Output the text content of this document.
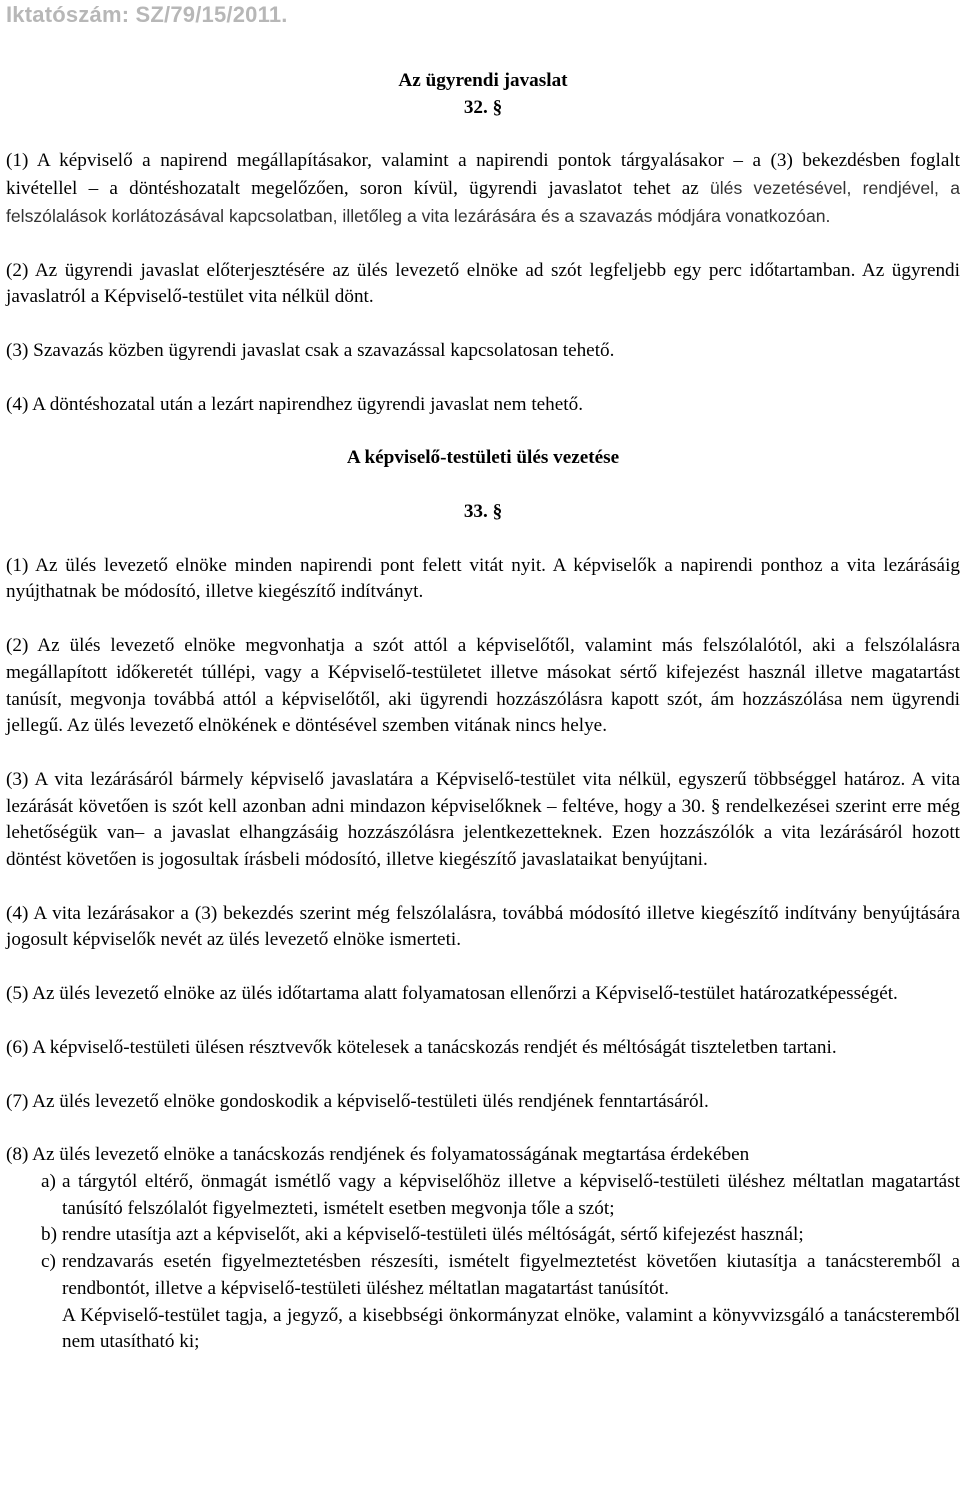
Iktatószám: SZ/79/15/2011.

Az ügyrendi javaslat

32. §

(1) A képviselő a napirend megállapításakor, valamint a napirendi pontok tárgyalásakor – a (3) bekezdésben foglalt kivétellel – a döntéshozatalt megelőzően, soron kívül, ügyrendi javaslatot tehet az ülés vezetésével, rendjével, a felszólalások korlátozásával kapcsolatban, illetőleg a vita lezárására és a szavazás módjára vonatkozóan.

(2) Az ügyrendi javaslat előterjesztésére az ülés levezető elnöke ad szót legfeljebb egy perc időtartamban. Az ügyrendi javaslatról a Képviselő-testület vita nélkül dönt.

(3) Szavazás közben ügyrendi javaslat csak a szavazással kapcsolatosan tehető.

(4) A döntéshozatal után a lezárt napirendhez ügyrendi javaslat nem tehető.

A képviselő-testületi ülés vezetése

33. §

(1) Az ülés levezető elnöke minden napirendi pont felett vitát nyit. A képviselők a napirendi ponthoz a vita lezárásáig nyújthatnak be módosító, illetve kiegészítő indítványt.

(2) Az ülés levezető elnöke megvonhatja a szót attól a képviselőtől, valamint más felszólalótól, aki a felszólalásra megállapított időkeretét túllépi, vagy a Képviselő-testületet illetve másokat sértő kifejezést használ illetve magatartást tanúsít, megvonja továbbá attól a képviselőtől, aki ügyrendi hozzászólásra kapott szót, ám hozzászólása nem ügyrendi jellegű. Az ülés levezető elnökének e döntésével szemben vitának nincs helye.

(3) A vita lezárásáról bármely képviselő javaslatára a Képviselő-testület vita nélkül, egyszerű többséggel határoz. A vita lezárását követően is szót kell azonban adni mindazon képviselőknek – feltéve, hogy a 30. § rendelkezései szerint erre még lehetőségük van– a javaslat elhangzásáig hozzászólásra jelentkezetteknek. Ezen hozzászólók a vita lezárásáról hozott döntést követően is jogosultak írásbeli módosító, illetve kiegészítő javaslataikat benyújtani.

(4) A vita lezárásakor a (3) bekezdés szerint még felszólalásra, továbbá módosító illetve kiegészítő indítvány benyújtására jogosult képviselők nevét az ülés levezető elnöke ismerteti.

(5) Az ülés levezető elnöke az ülés időtartama alatt folyamatosan ellenőrzi a Képviselő-testület határozatképességét.

(6) A képviselő-testületi ülésen résztvevők kötelesek a tanácskozás rendjét és méltóságát tiszteletben tartani.

(7) Az ülés levezető elnöke gondoskodik a képviselő-testületi ülés rendjének fenntartásáról.

(8) Az ülés levezető elnöke a tanácskozás rendjének és folyamatosságának megtartása érdekében

a) a tárgytól eltérő, önmagát ismétlő vagy a képviselőhöz illetve a képviselő-testületi üléshez méltatlan magatartást tanúsító felszólalót figyelmezteti, ismételt esetben megvonja tőle a szót;
b) rendre utasítja azt a képviselőt, aki a képviselő-testületi ülés méltóságát, sértő kifejezést használ;
c) rendzavarás esetén figyelmeztetésben részesíti, ismételt figyelmeztetést követően kiutasítja a tanácsteremből a rendbontót, illetve a képviselő-testületi üléshez méltatlan magatartást tanúsítót.

A Képviselő-testület tagja, a jegyző, a kisebbségi önkormányzat elnöke, valamint a könyvvizsgáló a tanácsteremből nem utasítható ki;
